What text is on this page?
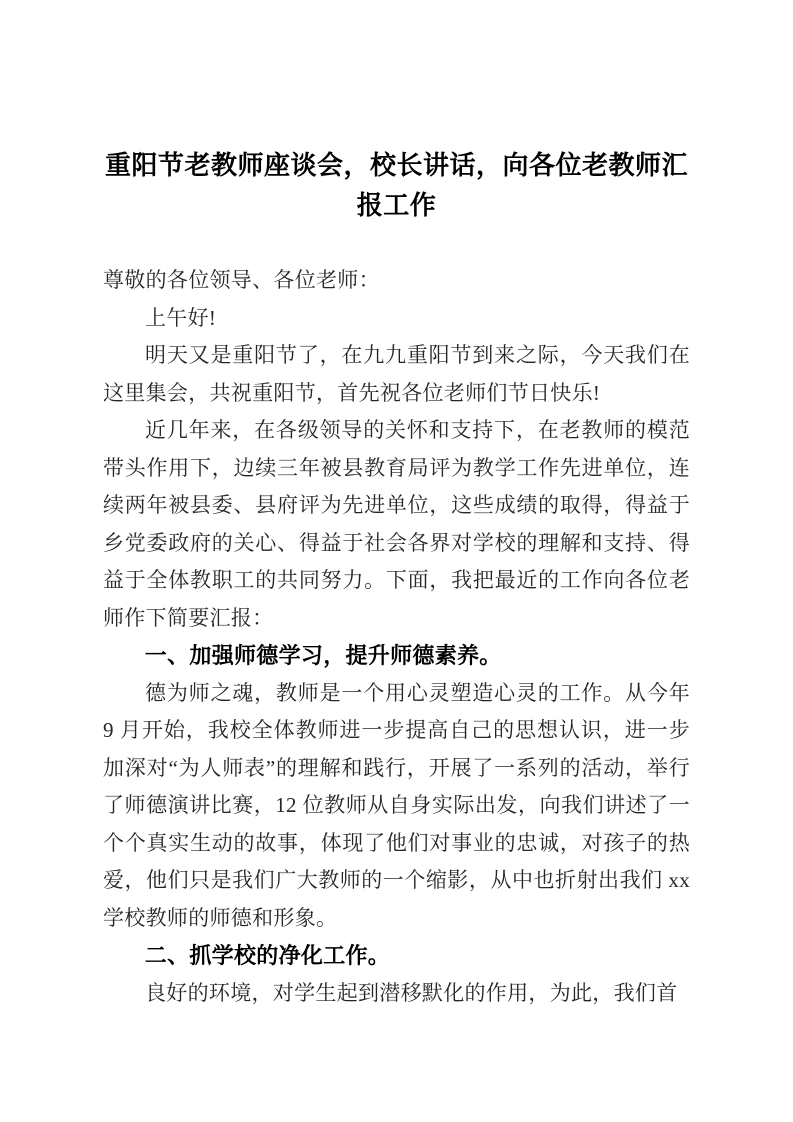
重阳节老教师座谈会，校长讲话，向各位老教师汇报工作

尊敬的各位领导、各位老师：

上午好!

明天又是重阳节了，在九九重阳节到来之际，今天我们在这里集会，共祝重阳节，首先祝各位老师们节日快乐!

近几年来，在各级领导的关怀和支持下，在老教师的模范带头作用下，边续三年被县教育局评为教学工作先进单位，连续两年被县委、县府评为先进单位，这些成绩的取得，得益于乡党委政府的关心、得益于社会各界对学校的理解和支持、得益于全体教职工的共同努力。下面，我把最近的工作向各位老师作下简要汇报：

一、加强师德学习，提升师德素养。

德为师之魂，教师是一个用心灵塑造心灵的工作。从今年 9 月开始，我校全体教师进一步提高自己的思想认识，进一步加深对“为人师表”的理解和践行，开展了一系列的活动，举行了师德演讲比赛，12 位教师从自身实际出发，向我们讲述了一个个真实生动的故事，体现了他们对事业的忠诚，对孩子的热爱，他们只是我们广大教师的一个缩影，从中也折射出我们 xx 学校教师的师德和形象。

二、抓学校的净化工作。

良好的环境，对学生起到潜移默化的作用，为此，我们首
